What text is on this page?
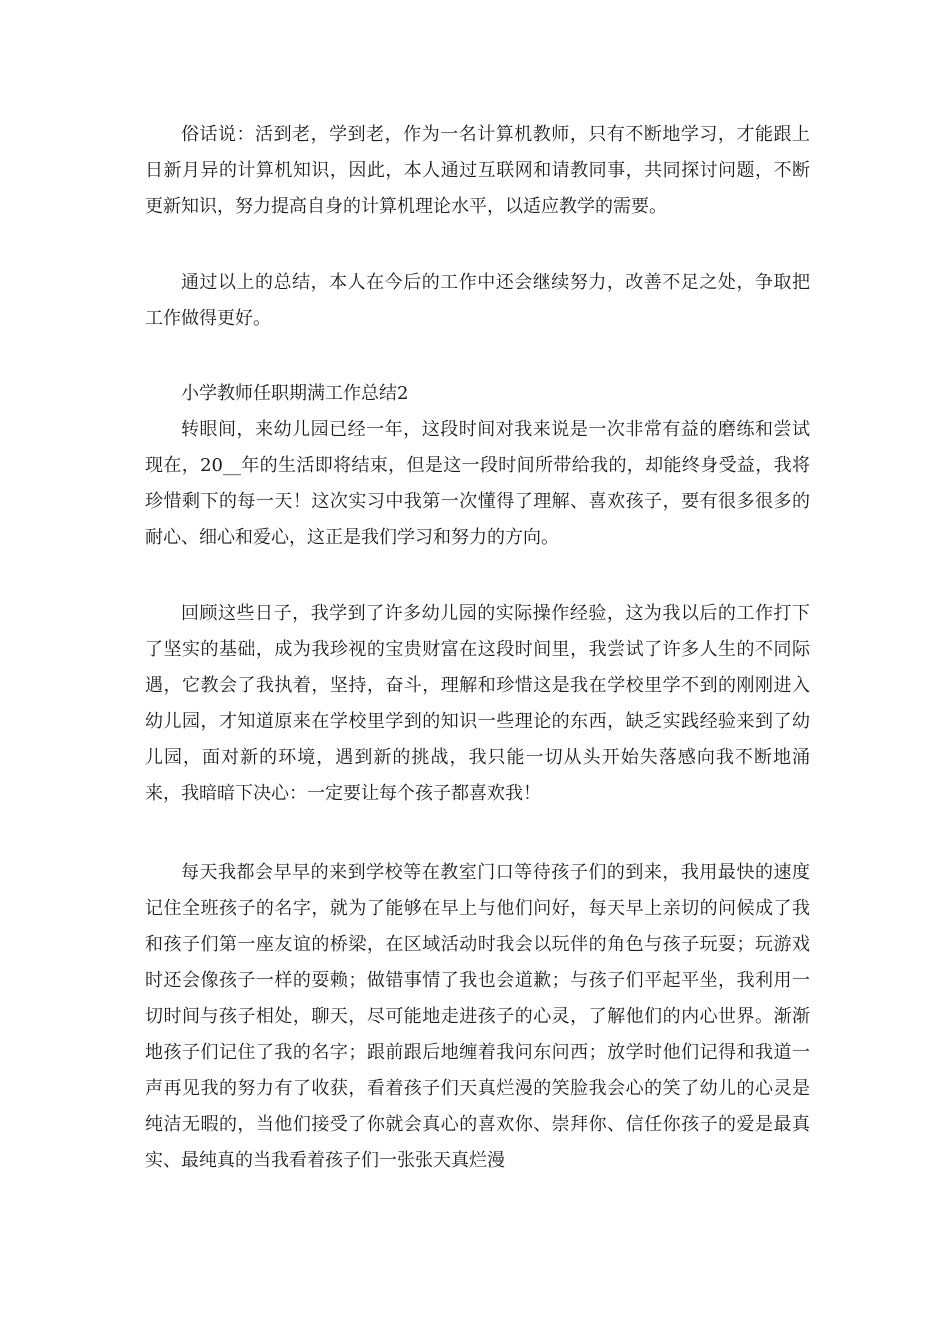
俗话说：活到老，学到老，作为一名计算机教师，只有不断地学习，才能跟上日新月异的计算机知识，因此，本人通过互联网和请教同事，共同探讨问题，不断更新知识，努力提高自身的计算机理论水平，以适应教学的需要。

通过以上的总结，本人在今后的工作中还会继续努力，改善不足之处，争取把工作做得更好。

小学教师任职期满工作总结2

转眼间，来幼儿园已经一年，这段时间对我来说是一次非常有益的磨练和尝试现在，20__年的生活即将结束，但是这一段时间所带给我的，却能终身受益，我将珍惜剩下的每一天！这次实习中我第一次懂得了理解、喜欢孩子，要有很多很多的耐心、细心和爱心，这正是我们学习和努力的方向。

回顾这些日子，我学到了许多幼儿园的实际操作经验，这为我以后的工作打下了坚实的基础，成为我珍视的宝贵财富在这段时间里，我尝试了许多人生的不同际遇，它教会了我执着，坚持，奋斗，理解和珍惜这是我在学校里学不到的刚刚进入幼儿园，才知道原来在学校里学到的知识一些理论的东西，缺乏实践经验来到了幼儿园，面对新的环境，遇到新的挑战，我只能一切从头开始失落感向我不断地涌来，我暗暗下决心：一定要让每个孩子都喜欢我！

每天我都会早早的来到学校等在教室门口等待孩子们的到来，我用最快的速度记住全班孩子的名字，就为了能够在早上与他们问好，每天早上亲切的问候成了我和孩子们第一座友谊的桥梁，在区域活动时我会以玩伴的角色与孩子玩耍；玩游戏时还会像孩子一样的耍赖；做错事情了我也会道歉；与孩子们平起平坐，我利用一切时间与孩子相处，聊天，尽可能地走进孩子的心灵，了解他们的内心世界。渐渐地孩子们记住了我的名字；跟前跟后地缠着我问东问西；放学时他们记得和我道一声再见我的努力有了收获，看着孩子们天真烂漫的笑脸我会心的笑了幼儿的心灵是纯洁无暇的，当他们接受了你就会真心的喜欢你、崇拜你、信任你孩子的爱是最真实、最纯真的当我看着孩子们一张张天真烂漫
